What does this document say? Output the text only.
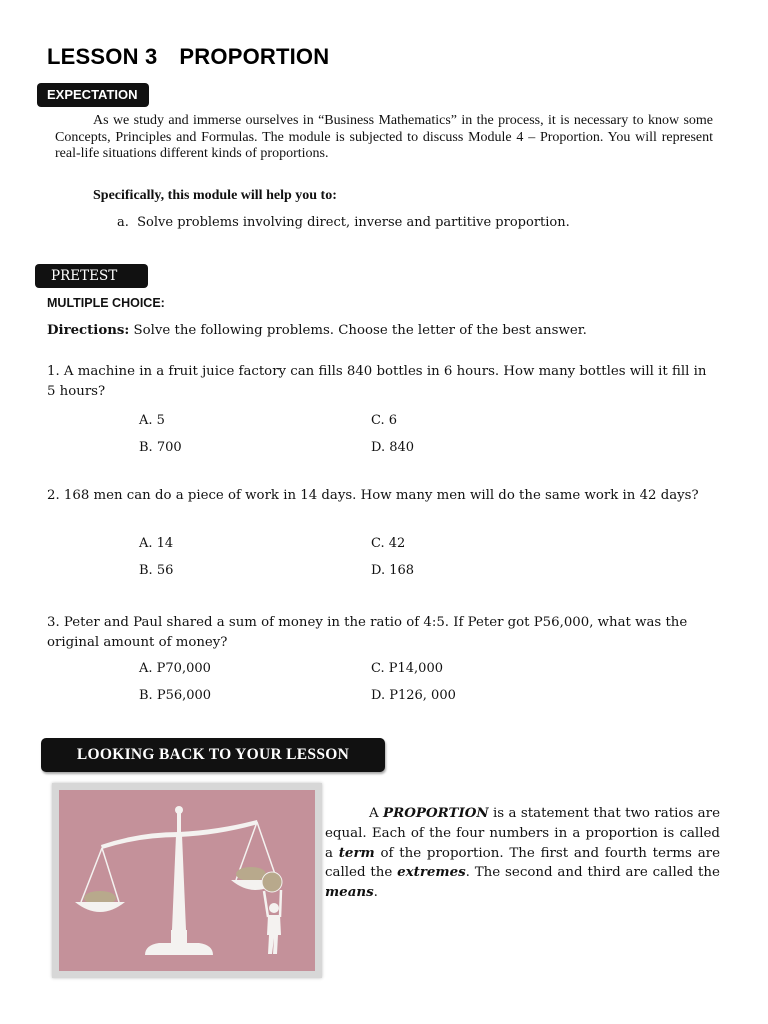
LESSON 3 PROPORTION
EXPECTATION

As we study and immerse ourselves in “Business Mathematics” in the process, it is necessary to know some Concepts, Principles and Formulas. The module is subjected to discuss Module 4 – Proportion. You will represent real-life situations different kinds of proportions.

Specifically, this module will help you to:
a. Solve problems involving direct, inverse and partitive proportion.
PRETEST
MULTIPLE CHOICE:
Directions: Solve the following problems. Choose the letter of the best answer.
1. A machine in a fruit juice factory can fills 840 bottles in 6 hours. How many bottles will it fill in 5 hours?
A. 5	C. 6
B. 700	D. 840
2. 168 men can do a piece of work in 14 days. How many men will do the same work in 42 days?
A. 14	C. 42
B. 56	D. 168
3. Peter and Paul shared a sum of money in the ratio of 4:5. If Peter got P56,000, what was the original amount of money?
A. P70,000	C. P14,000
B. P56,000	D. P126, 000
LOOKING BACK TO YOUR LESSON
A PROPORTION is a statement that two ratios are equal. Each of the four numbers in a proportion is called a term of the proportion. The first and fourth terms are called the extremes. The second and third are called the means.
